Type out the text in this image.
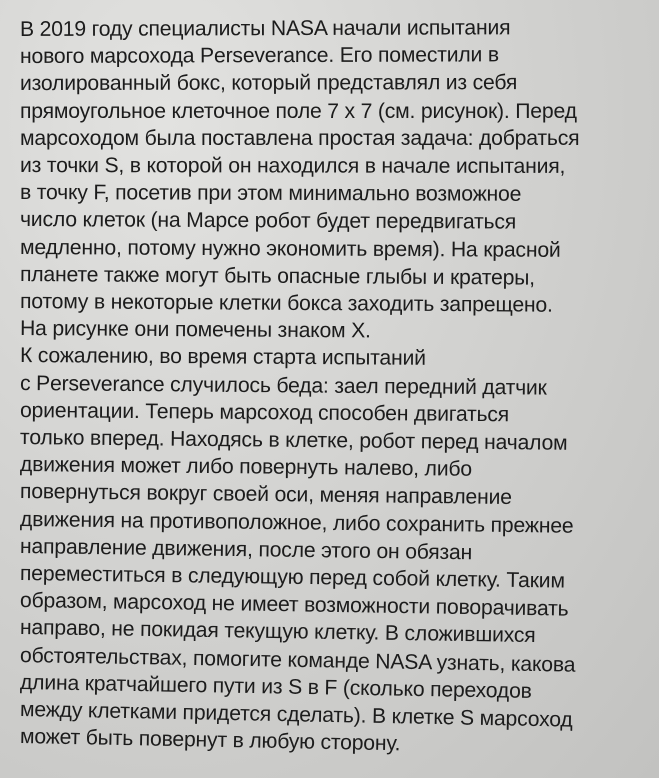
В 2019 году специалисты NASA начали испытания
нового марсохода Perseverance. Его поместили в
изолированный бокс, который представлял из себя
прямоугольное клеточное поле 7 х 7 (см. рисунок). Перед
марсоходом была поставлена простая задача: добраться
из точки S, в которой он находился в начале испытания,
в точку F, посетив при этом минимально возможное
число клеток (на Марсе робот будет передвигаться
медленно, потому нужно экономить время). На красной
планете также могут быть опасные глыбы и кратеры,
потому в некоторые клетки бокса заходить запрещено.
На рисунке они помечены знаком X.
К сожалению, во время старта испытаний
с Perseverance случилось беда: заел передний датчик
ориентации. Теперь марсоход способен двигаться
только вперед. Находясь в клетке, робот перед началом
движения может либо повернуть налево, либо
повернуться вокруг своей оси, меняя направление
движения на противоположное, либо сохранить прежнее
направление движения, после этого он обязан
переместиться в следующую перед собой клетку. Таким
образом, марсоход не имеет возможности поворачивать
направо, не покидая текущую клетку. В сложившихся
обстоятельствах, помогите команде NASA узнать, какова
длина кратчайшего пути из S в F (сколько переходов
между клетками придется сделать). В клетке S марсоход
может быть повернут в любую сторону.
